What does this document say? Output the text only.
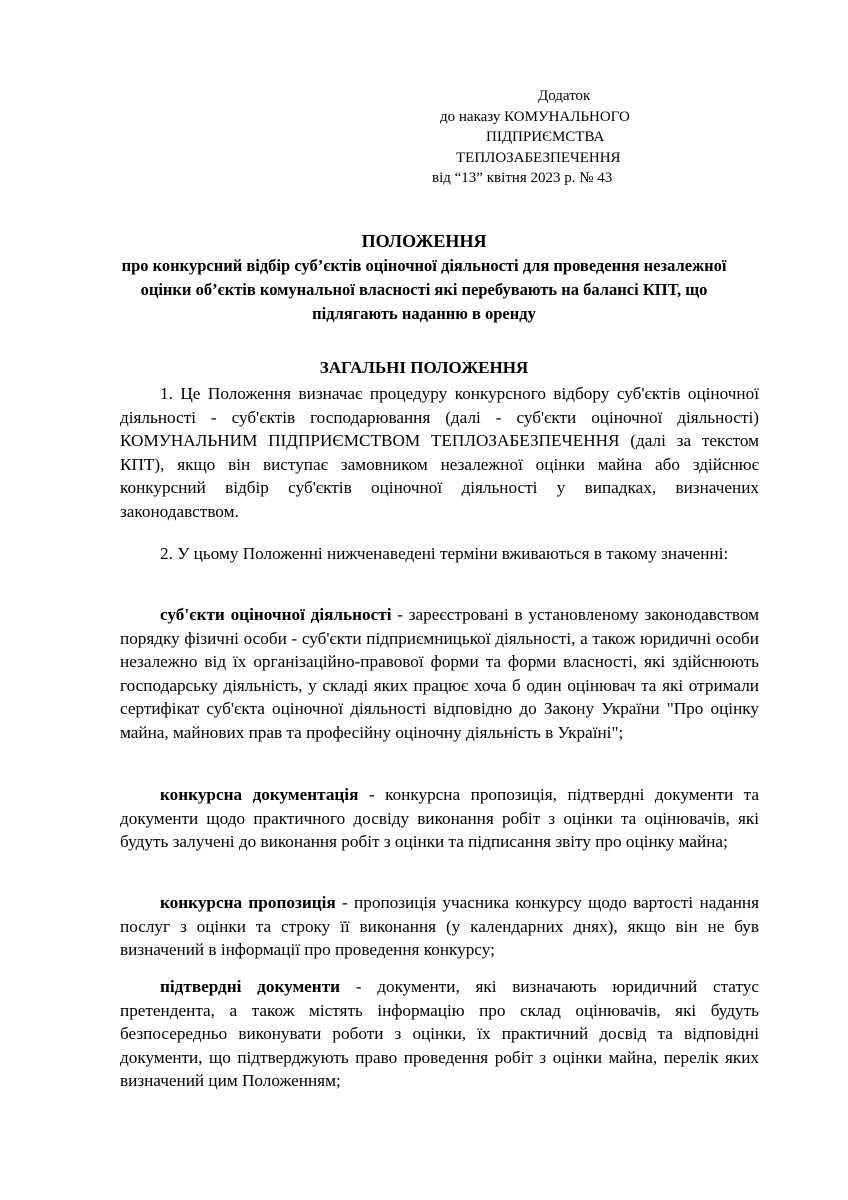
Додаток
до наказу КОМУНАЛЬНОГО
ПІДПРИЄМСТВА
ТЕПЛОЗАБЕЗПЕЧЕННЯ
від “13” квітня 2023 р. № 43
ПОЛОЖЕННЯ
про конкурсний відбір суб’єктів оціночної діяльності для проведення незалежної оцінки об’єктів комунальної власності які перебувають на балансі КПТ, що підлягають наданню в оренду
ЗАГАЛЬНІ ПОЛОЖЕННЯ

1. Це Положення визначає процедуру конкурсного відбору суб'єктів оціночної діяльності - суб'єктів господарювання (далі - суб'єкти оціночної діяльності) КОМУНАЛЬНИМ ПІДПРИЄМСТВОМ ТЕПЛОЗАБЕЗПЕЧЕННЯ (далі за текстом КПТ), якщо він виступає замовником незалежної оцінки майна або здійснює конкурсний відбір суб'єктів оціночної діяльності у випадках, визначених законодавством.

2. У цьому Положенні нижченаведені терміни вживаються в такому значенні:

суб'єкти оціночної діяльності - зареєстровані в установленому законодавством порядку фізичні особи - суб'єкти підприємницької діяльності, а також юридичні особи незалежно від їх організаційно-правової форми та форми власності, які здійснюють господарську діяльність, у складі яких працює хоча б один оцінювач та які отримали сертифікат суб'єкта оціночної діяльності відповідно до Закону України "Про оцінку майна, майнових прав та професійну оціночну діяльність в Україні";

конкурсна документація - конкурсна пропозиція, підтвердні документи та документи щодо практичного досвіду виконання робіт з оцінки та оцінювачів, які будуть залучені до виконання робіт з оцінки та підписання звіту про оцінку майна;

конкурсна пропозиція - пропозиція учасника конкурсу щодо вартості надання послуг з оцінки та строку її виконання (у календарних днях), якщо він не був визначений в інформації про проведення конкурсу;

підтвердні документи - документи, які визначають юридичний статус претендента, а також містять інформацію про склад оцінювачів, які будуть безпосередньо виконувати роботи з оцінки, їх практичний досвід та відповідні документи, що підтверджують право проведення робіт з оцінки майна, перелік яких визначений цим Положенням;
